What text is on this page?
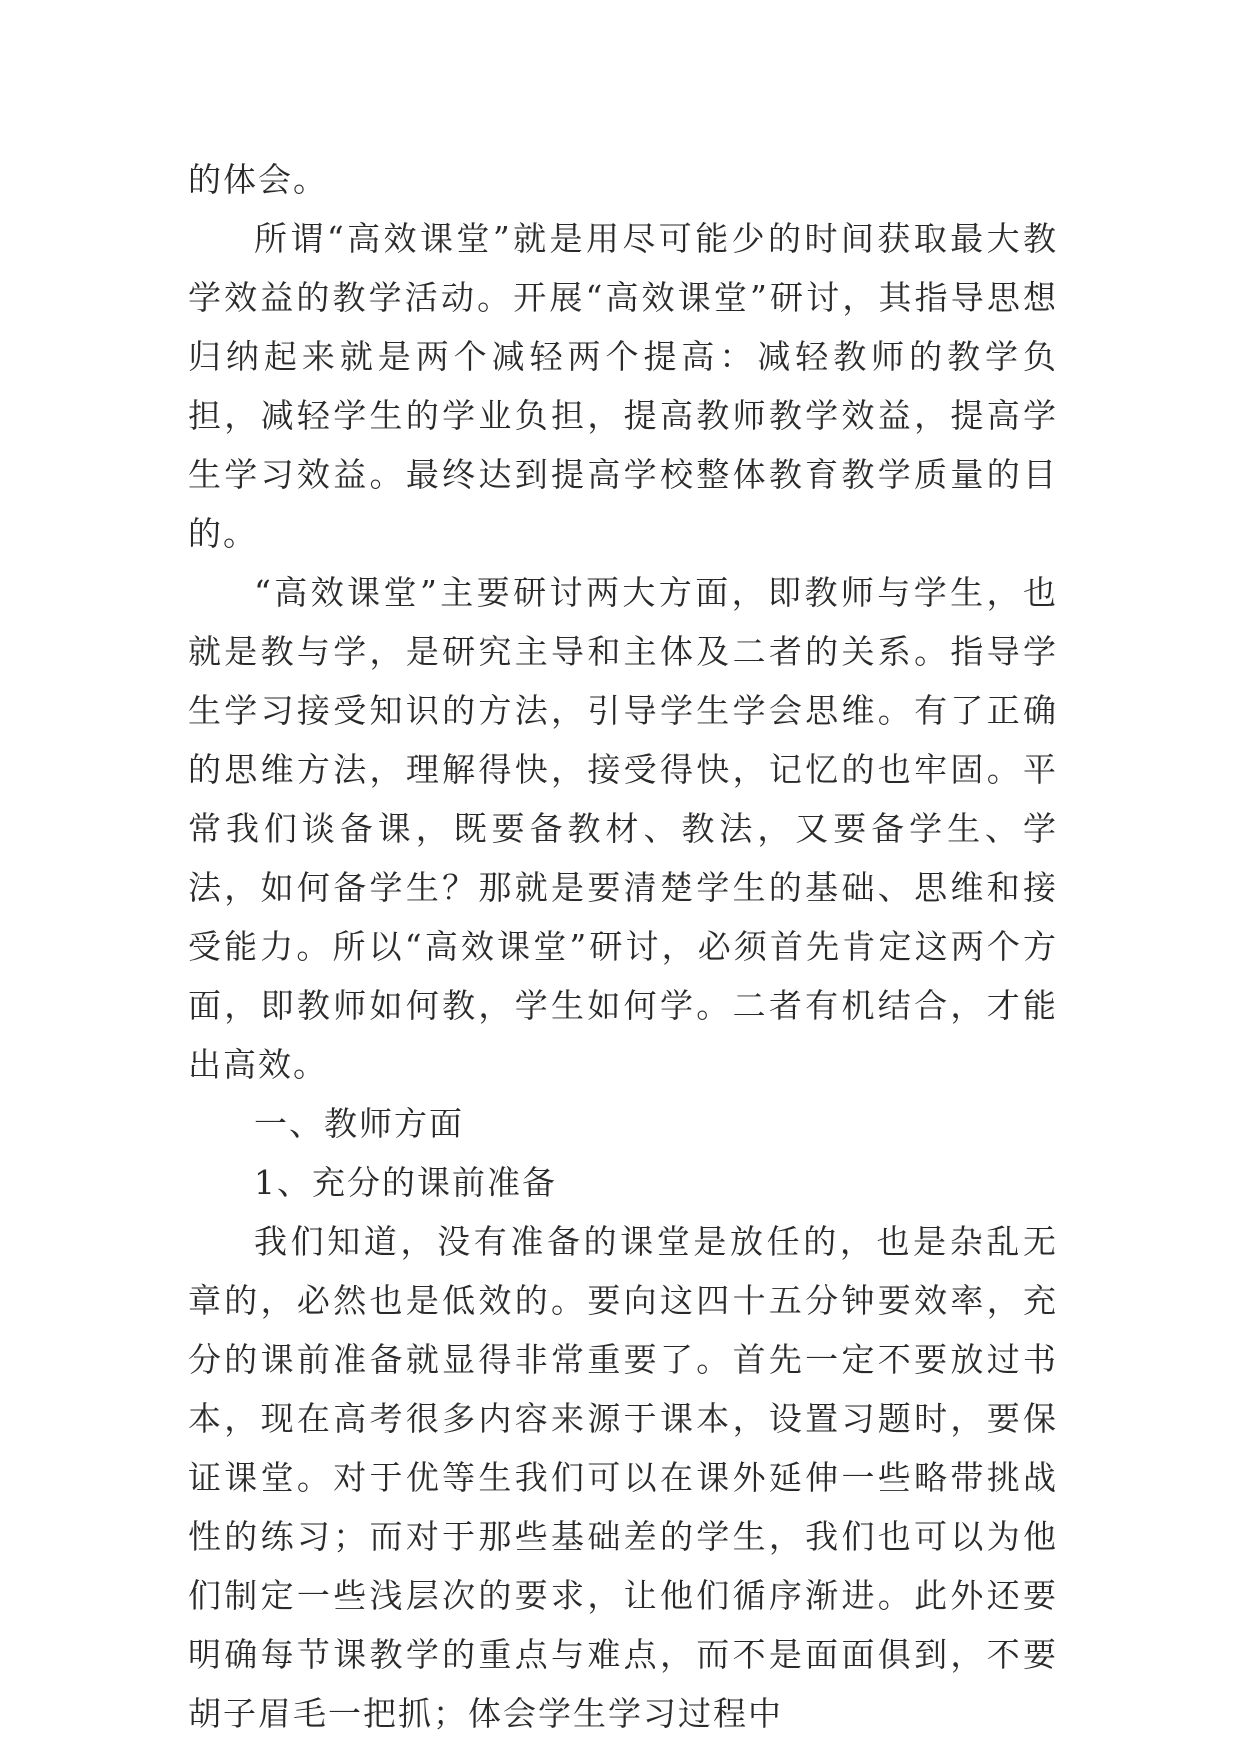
的体会。

所谓“高效课堂”就是用尽可能少的时间获取最大教学效益的教学活动。开展“高效课堂”研讨，其指导思想归纳起来就是两个减轻两个提高：减轻教师的教学负担，减轻学生的学业负担，提高教师教学效益，提高学生学习效益。最终达到提高学校整体教育教学质量的目的。

“高效课堂”主要研讨两大方面，即教师与学生，也就是教与学，是研究主导和主体及二者的关系。指导学生学习接受知识的方法，引导学生学会思维。有了正确的思维方法，理解得快，接受得快，记忆的也牢固。平常我们谈备课，既要备教材、教法，又要备学生、学法，如何备学生？那就是要清楚学生的基础、思维和接受能力。所以“高效课堂”研讨，必须首先肯定这两个方面，即教师如何教，学生如何学。二者有机结合，才能出高效。

一、教师方面

1、充分的课前准备

我们知道，没有准备的课堂是放任的，也是杂乱无章的，必然也是低效的。要向这四十五分钟要效率，充分的课前准备就显得非常重要了。首先一定不要放过书本，现在高考很多内容来源于课本，设置习题时，要保证课堂。对于优等生我们可以在课外延伸一些略带挑战性的练习；而对于那些基础差的学生，我们也可以为他们制定一些浅层次的要求，让他们循序渐进。此外还要明确每节课教学的重点与难点，而不是面面俱到，不要胡子眉毛一把抓；体会学生学习过程中
